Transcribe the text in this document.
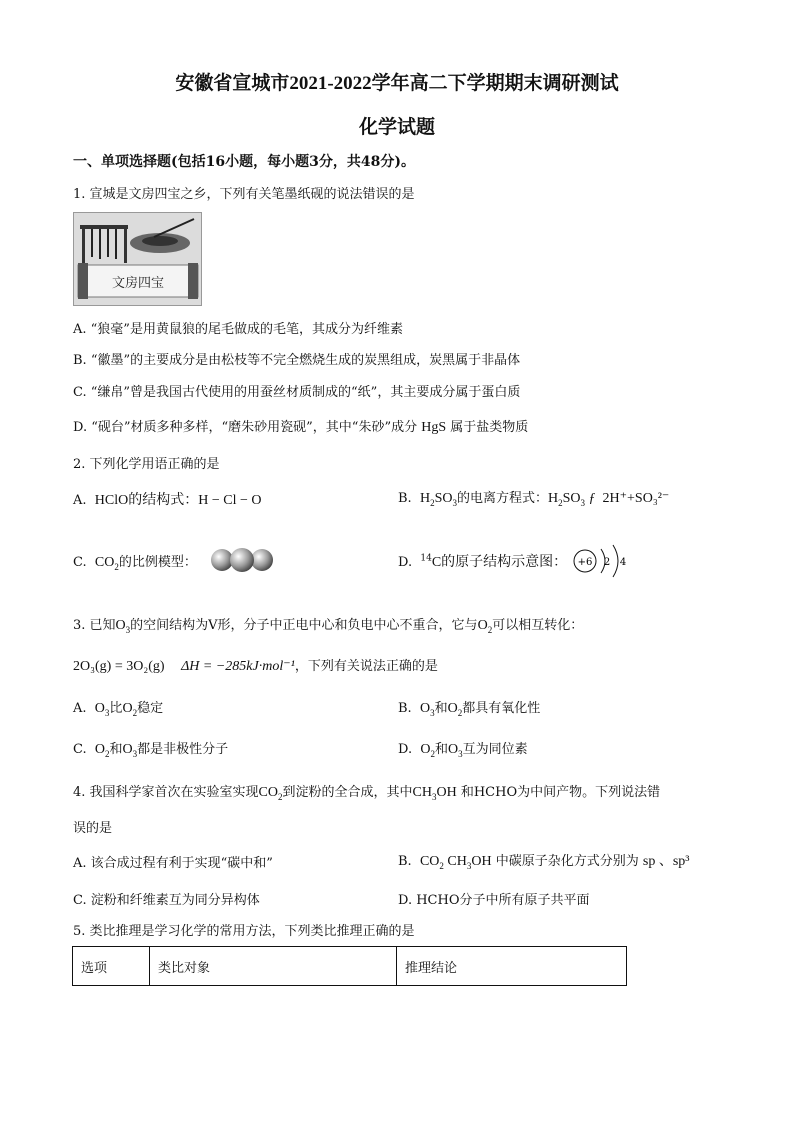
安徽省宣城市2021-2022学年高二下学期期末调研测试
化学试题
一、单项选择题(包括16小题，每小题3分，共48分)。
1. 宣城是文房四宝之乡，下列有关笔墨纸砚的说法错误的是
文房四宝
A. “狼毫”是用黄鼠狼的尾毛做成的毛笔，其成分为纤维素
B. “徽墨”的主要成分是由松枝等不完全燃烧生成的炭黑组成，炭黑属于非晶体
C. “缣帛”曾是我国古代使用的用蚕丝材质制成的“纸”，其主要成分属于蛋白质
D. “砚台”材质多种多样，“磨朱砂用瓷砚”，其中“朱砂”成分 HgS 属于盐类物质
2. 下列化学用语正确的是
A. HClO的结构式：H − Cl − O	B. $H_2SO_3$的电离方程式：$H_2SO_3$ ƒ 2H⁺+SO₃²⁻
C. $CO_2$的比例模型：	D. $^{14}$C的原子结构示意图： +6 2 4
3. 已知$O_3$的空间结构为Ⅴ形，分子中正电中心和负电中心不重合，它与$O_2$可以相互转化：
2O₃(g) = 3O₂(g) ΔH = −285kJ·mol⁻¹，下列有关说法正确的是
A. $O_3$比$O_2$稳定	B. $O_3$和$O_2$都具有氧化性
C. $O_2$和$O_3$都是非极性分子	D. $O_2$和$O_3$互为同位素
4. 我国科学家首次在实验室实现$CO_2$到淀粉的全合成，其中$CH_3OH$ 和HCHO为中间产物。下列说法错
误的是
A. 该合成过程有利于实现“碳中和”	B. $CO_2$ $CH_3OH$ 中碳原子杂化方式分别为 sp 、sp³
C. 淀粉和纤维素互为同分异构体	D. HCHO分子中所有原子共平面
5. 类比推理是学习化学的常用方法，下列类比推理正确的是
选项	类比对象	推理结论
